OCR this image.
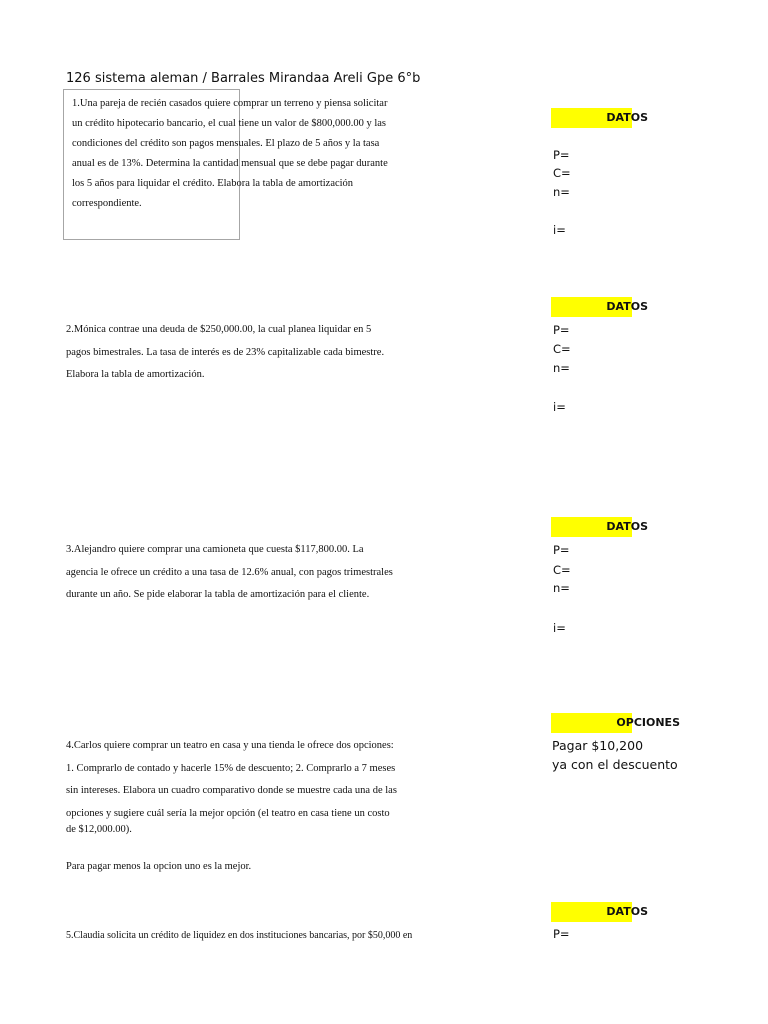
126 sistema aleman / Barrales Mirandaa Areli Gpe 6°b
1.Una pareja de recién casados quiere comprar un terreno y piensa solicitar
un crédito hipotecario bancario, el cual tiene un valor de $800,000.00 y las
condiciones del crédito son pagos mensuales. El plazo de 5 años y la tasa
anual es de 13%. Determina la cantidad mensual que se debe pagar durante
los 5 años para liquidar el crédito. Elabora la tabla de amortización
correspondiente.
2.Mónica contrae una deuda de $250,000.00, la cual planea liquidar en 5
pagos bimestrales. La tasa de interés es de 23% capitalizable cada bimestre.
Elabora la tabla de amortización.
3.Alejandro quiere comprar una camioneta que cuesta $117,800.00. La
agencia le ofrece un crédito a una tasa de 12.6% anual, con pagos trimestrales
durante un año. Se pide elaborar la tabla de amortización para el cliente.
4.Carlos quiere comprar un teatro en casa y una tienda le ofrece dos opciones:
1. Comprarlo de contado y hacerle 15% de descuento; 2. Comprarlo a 7 meses
sin intereses. Elabora un cuadro comparativo donde se muestre cada una de las
opciones y sugiere cuál sería la mejor opción (el teatro en casa tiene un costo
de $12,000.00).
Para pagar menos la opcion uno es la mejor.
5.Claudia solicita un crédito de liquidez en dos instituciones bancarias, por $50,000 en
DATOS
P=
C=
n=
i=
DATOS
P=
C=
n=
i=
DATOS
P=
C=
n=
i=
OPCIONES
Pagar $10,200
ya con el descuento
DATOS
P=
